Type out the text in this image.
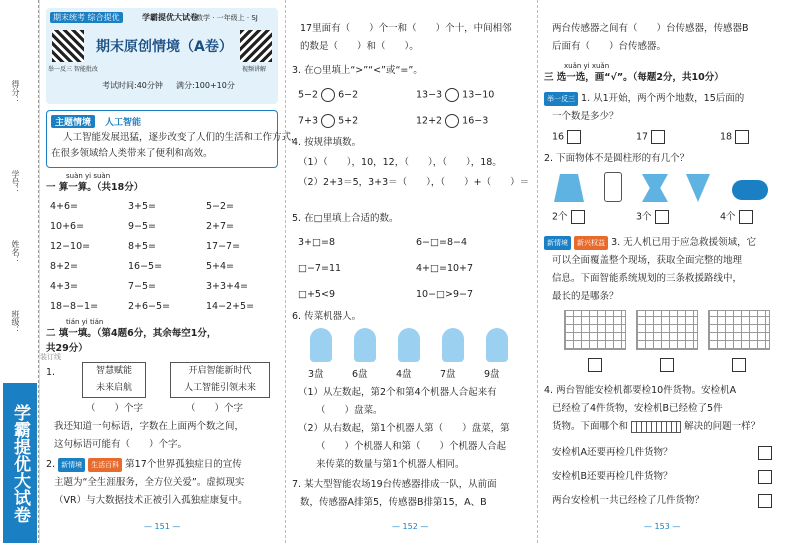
得分：
学号：
姓名：
班级：
学霸提优大试卷
期末统考 综合提优	学霸提优大试卷
数学 · 一年级上 · SJ
举一反三 智能批改	视频讲解
期末原创情境（A卷）
考试时间:40分钟 满分:100+10分
主题情境	人工智能
人工智能发展迅猛，逐步改变了人们的生活和工作方式，
在很多领域给人类带来了便利和高效。
suàn yi suàn
一 算一算。（共18分）
4+6=	3+5=	5−2=
10+6=	9−5=	2+7=
12−10=	8+5=	17−7=
8+2=	16−5=	5+4=
4+3=	7−5=	3+3+4=
18−8−1=	2+6−5=	14−2+5=
tián yi tián
二 填一填。（第4题6分，其余每空1分，
共29分）
1.	智慧赋能
未来启航
开启智能新时代
人工智能引领未来
（　　）个字	（　　）个字
我还知道一句标语，字数在上面两个数之间，
这句标语可能有（　　）个字。
2. 新情境 生活百科 第17个世界孤独症日的宣传
主题为“全生涯服务，全方位关爱”。虚拟现实
（VR）与大数据技术正被引入孤独症康复中。
— 151 —
17里面有（　　）个一和（　　）个十，中间相邻
的数是（　　）和（　　）。
3. 在○里填上“>”“<”或“=”。
5−2 6−2	13−3 13−10
7+3 5+2	12+2 16−3
4. 按规律填数。
（1）（　　），10，12，（　　），（　　），18。
（2）2+3＝5，3+3＝（　　），（　　）+（　　）＝
5. 在□里填上合适的数。
3+□=8	6−□=8−4
□−7=11	4+□=10+7
□+5<9	10−□>9−7
6. 传菜机器人。
3盘	6盘	4盘	7盘	9盘
（1）从左数起，第2个和第4个机器人合起来有
（　　）盘菜。
（2）从右数起，第1个机器人第（　　）盘菜，第
（　　）个机器人和第（　　）个机器人合起
来传菜的数量与第1个机器人相同。
7. 某大型智能农场19台传感器排成一队，从前面
数，传感器A排第5，传感器B排第15，A、B
— 152 —
两台传感器之间有（　　）台传感器，传感器B
后面有（　　）台传感器。
xuǎn yi xuǎn
三 选一选，画“√”。（每题2分，共10分）
举一反三 1. 从1开始，两个两个地数，15后面的
一个数是多少？
16	17	18
2. 下面物体不是圆柱形的有几个？
2个	3个	4个
新情境 新兴权益 3. 无人机已用于应急救援领域，它
可以全面覆盖整个现场，获取全面完整的地理
信息。下面智能系统规划的三条救援路线中，
最长的是哪条？
4. 两台智能安检机都要检10件货物。安检机A
已经检了4件货物，安检机B已经检了5件
货物。下面哪个和	解决的问题一样？
安检机A还要再检几件货物？
安检机B还要再检几件货物？
两台安检机一共已经检了几件货物？
— 153 —
装订线
